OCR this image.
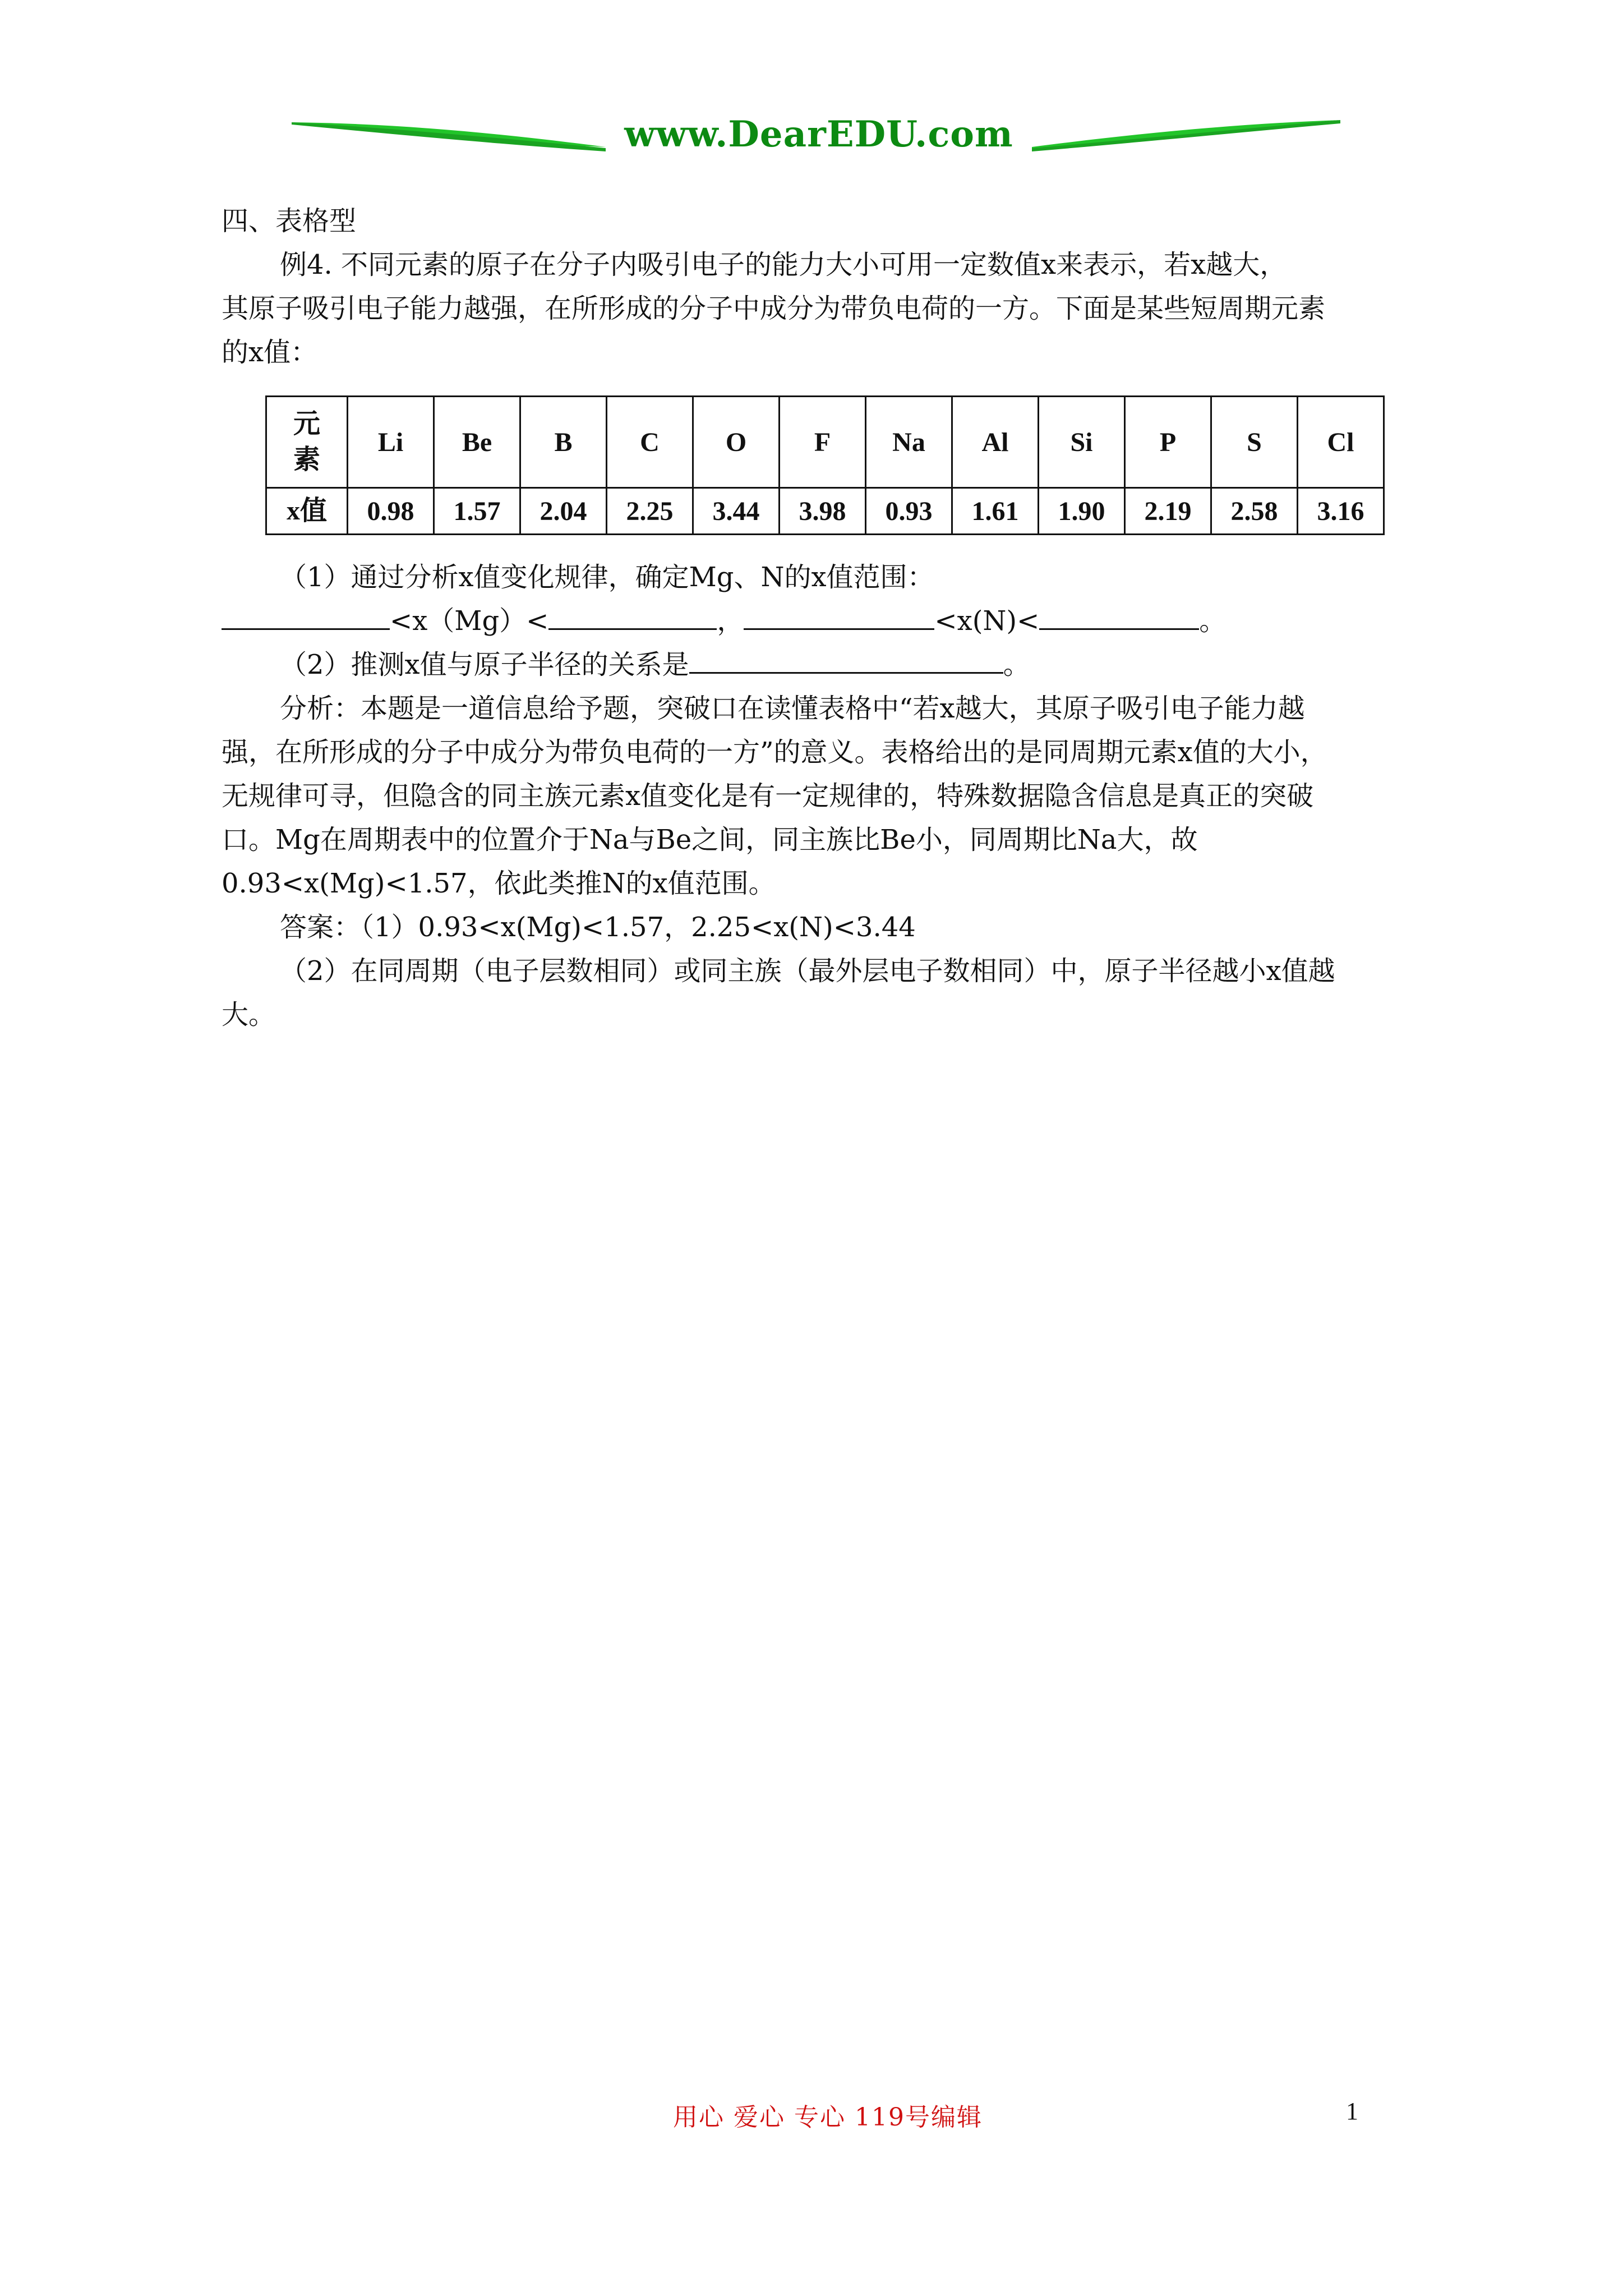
www.DearEDU.com

四、表格型

例4. 不同元素的原子在分子内吸引电子的能力大小可用一定数值x来表示，若x越大，

其原子吸引电子能力越强，在所形成的分子中成分为带负电荷的一方。下面是某些短周期元素

的x值：

元
素	Li	Be	B	C	O	F	Na	Al	Si	P	S	Cl
x值	0.98	1.57	2.04	2.25	3.44	3.98	0.93	1.61	1.90	2.19	2.58	3.16

（1）通过分析x值变化规律，确定Mg、N的x值范围：

<x（Mg）<	，	<x(N)<	。

（2）推测x值与原子半径的关系是	。

分析：本题是一道信息给予题，突破口在读懂表格中“若x越大，其原子吸引电子能力越

强，在所形成的分子中成分为带负电荷的一方”的意义。表格给出的是同周期元素x值的大小，

无规律可寻，但隐含的同主族元素x值变化是有一定规律的，特殊数据隐含信息是真正的突破

口。Mg在周期表中的位置介于Na与Be之间，同主族比Be小，同周期比Na大，故

0.93<x(Mg)<1.57，依此类推N的x值范围。

答案：（1）0.93<x(Mg)<1.57，2.25<x(N)<3.44

（2）在同周期（电子层数相同）或同主族（最外层电子数相同）中，原子半径越小x值越

大。

用心 爱心 专心 119号编辑	1
